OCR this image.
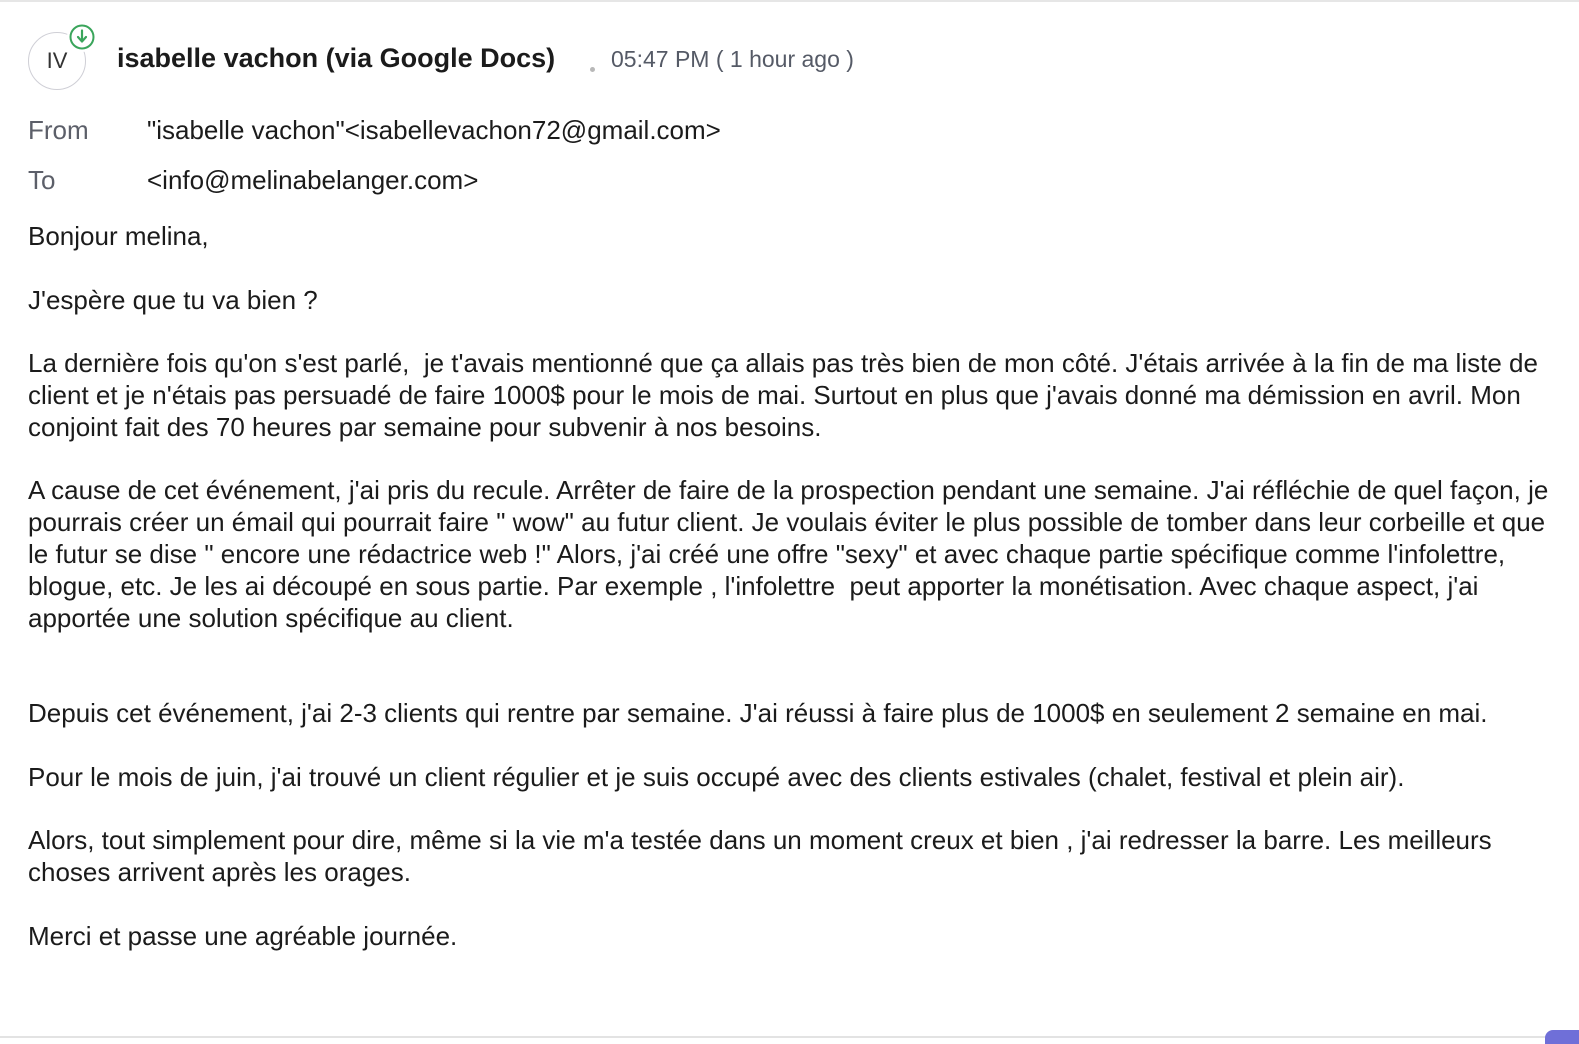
IV isabelle vachon (via Google Docs) 05:47 PM ( 1 hour ago )
From "isabelle vachon"<isabellevachon72@gmail.com>
To	<info@melinabelanger.com>

Bonjour melina,

J'espère que tu va bien ?

La dernière fois qu'on s'est parlé,  je t'avais mentionné que ça allais pas très bien de mon côté. J'étais arrivée à la fin de ma liste de client et je n'étais pas persuadé de faire 1000$ pour le mois de mai. Surtout en plus que j'avais donné ma démission en avril. Mon conjoint fait des 70 heures par semaine pour subvenir à nos besoins.

A cause de cet événement, j'ai pris du recule. Arrêter de faire de la prospection pendant une semaine. J'ai réfléchie de quel façon, je pourrais créer un émail qui pourrait faire " wow" au futur client. Je voulais éviter le plus possible de tomber dans leur corbeille et que le futur se dise " encore une rédactrice web !" Alors, j'ai créé une offre "sexy" et avec chaque partie spécifique comme l'infolettre, blogue, etc. Je les ai découpé en sous partie. Par exemple , l'infolettre  peut apporter la monétisation. Avec chaque aspect, j'ai apportée une solution spécifique au client.

Depuis cet événement, j'ai 2-3 clients qui rentre par semaine. J'ai réussi à faire plus de 1000$ en seulement 2 semaine en mai.

Pour le mois de juin, j'ai trouvé un client régulier et je suis occupé avec des clients estivales (chalet, festival et plein air).

Alors, tout simplement pour dire, même si la vie m'a testée dans un moment creux et bien , j'ai redresser la barre. Les meilleurs choses arrivent après les orages.

Merci et passe une agréable journée.
